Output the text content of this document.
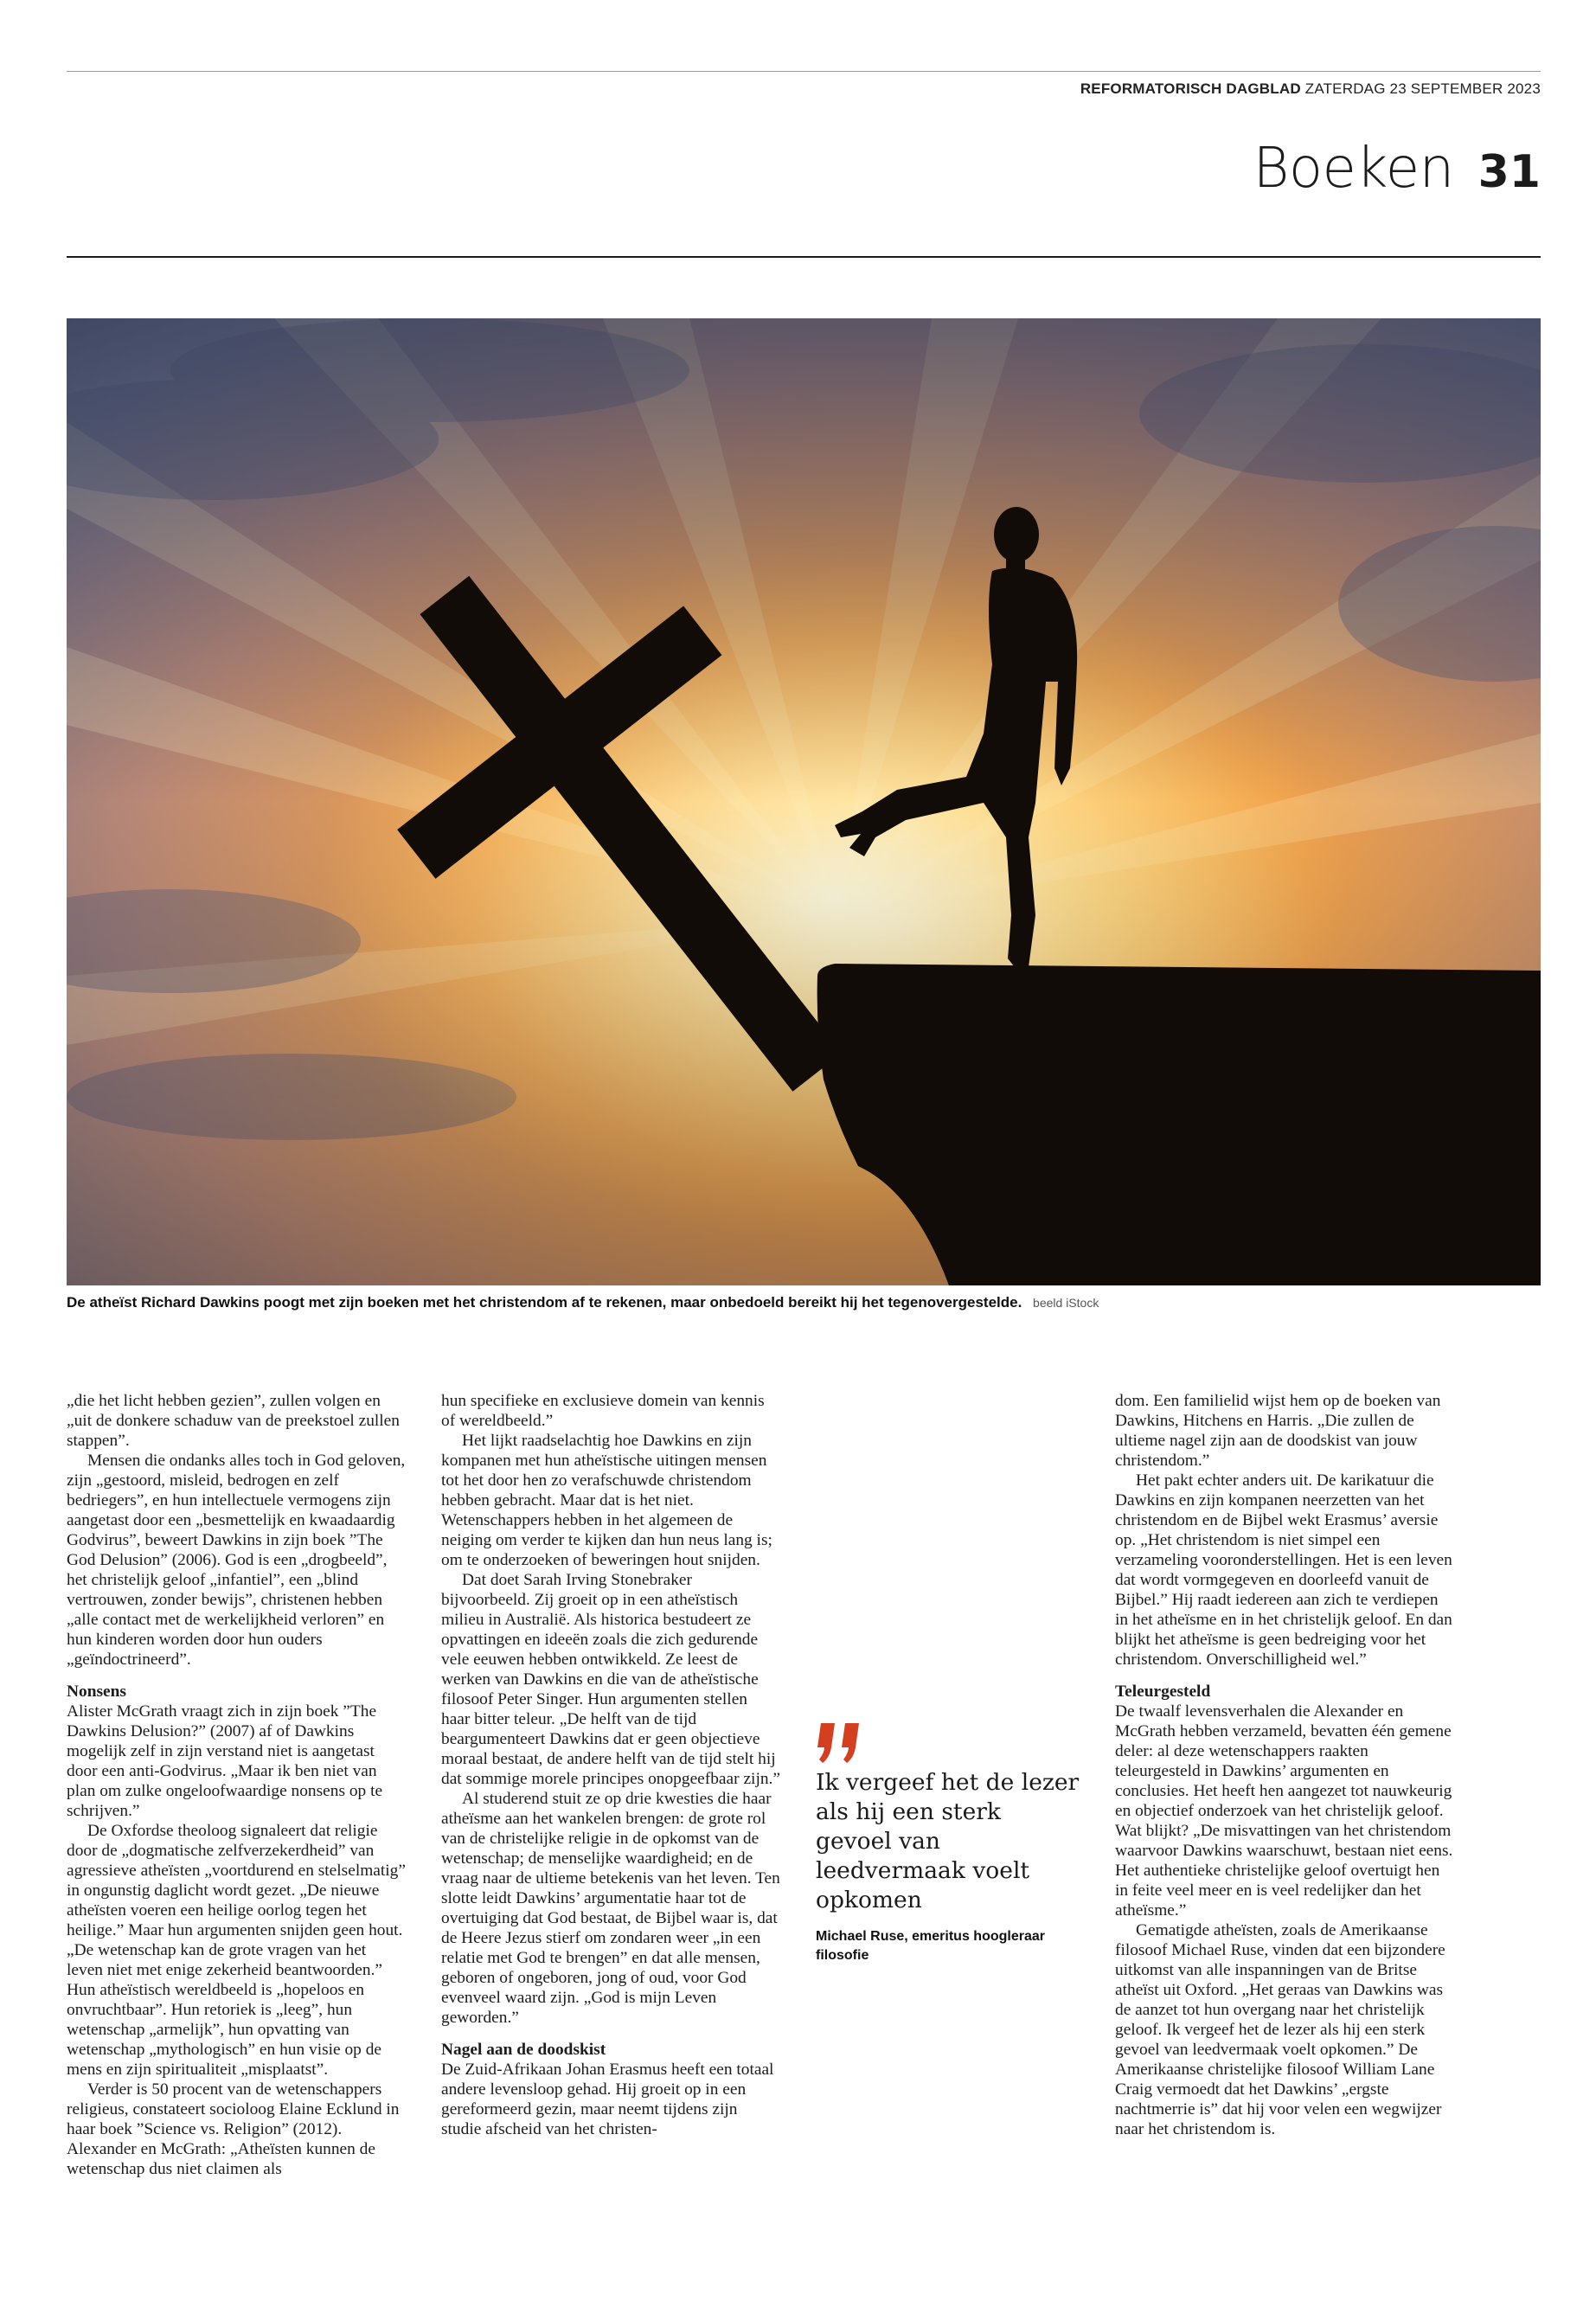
REFORMATORISCH DAGBLAD ZATERDAG 23 SEPTEMBER 2023
Boeken 31
De atheïst Richard Dawkins poogt met zijn boeken met het christendom af te rekenen, maar onbedoeld bereikt hij het tegenovergestelde. beeld iStock

„die het licht hebben gezien”, zullen volgen en „uit de donkere schaduw van de preekstoel zullen stappen”.

Mensen die ondanks alles toch in God geloven, zijn „gestoord, misleid, bedrogen en zelf bedriegers”, en hun intellectuele vermogens zijn aangetast door een „besmettelijk en kwaadaardig Godvirus”, beweert Dawkins in zijn boek ”The God Delusion” (2006). God is een „drogbeeld”, het christelijk geloof „infantiel”, een „blind vertrouwen, zonder bewijs”, christenen hebben „alle contact met de werkelijkheid verloren” en hun kinderen worden door hun ouders „geïndoctrineerd”.

Nonsens

Alister McGrath vraagt zich in zijn boek ”The Dawkins Delusion?” (2007) af of Dawkins mogelijk zelf in zijn verstand niet is aangetast door een anti-Godvirus. „Maar ik ben niet van plan om zulke ongeloofwaardige nonsens op te schrijven.”

De Oxfordse theoloog signaleert dat religie door de „dogmatische zelfverzekerdheid” van agressieve atheïsten „voortdurend en stelselmatig” in ongunstig daglicht wordt gezet. „De nieuwe atheïsten voeren een heilige oorlog tegen het heilige.” Maar hun argumenten snijden geen hout. „De wetenschap kan de grote vragen van het leven niet met enige zekerheid beantwoorden.” Hun atheïstisch wereldbeeld is „hopeloos en onvruchtbaar”. Hun retoriek is „leeg”, hun wetenschap „armelijk”, hun opvatting van wetenschap „mythologisch” en hun visie op de mens en zijn spiritualiteit „misplaatst”.

Verder is 50 procent van de wetenschappers religieus, constateert socioloog Elaine Ecklund in haar boek ”Science vs. Religion” (2012). Alexander en McGrath: „Atheïsten kunnen de wetenschap dus niet claimen als

hun specifieke en exclusieve domein van kennis of wereldbeeld.”

Het lijkt raadselachtig hoe Dawkins en zijn kompanen met hun atheïstische uitingen mensen tot het door hen zo verafschuwde christendom hebben gebracht. Maar dat is het niet. Wetenschappers hebben in het algemeen de neiging om verder te kijken dan hun neus lang is; om te onderzoeken of beweringen hout snijden.

Dat doet Sarah Irving Stonebraker bijvoorbeeld. Zij groeit op in een atheïstisch milieu in Australië. Als historica bestudeert ze opvattingen en ideeën zoals die zich gedurende vele eeuwen hebben ontwikkeld. Ze leest de werken van Dawkins en die van de atheïstische filosoof Peter Singer. Hun argumenten stellen haar bitter teleur. „De helft van de tijd beargumenteert Dawkins dat er geen objectieve moraal bestaat, de andere helft van de tijd stelt hij dat sommige morele principes onopgeefbaar zijn.”

Al studerend stuit ze op drie kwesties die haar atheïsme aan het wankelen brengen: de grote rol van de christelijke religie in de opkomst van de wetenschap; de menselijke waardigheid; en de vraag naar de ultieme betekenis van het leven. Ten slotte leidt Dawkins’ argumentatie haar tot de overtuiging dat God bestaat, de Bijbel waar is, dat de Heere Jezus stierf om zondaren weer „in een relatie met God te brengen” en dat alle mensen, geboren of ongeboren, jong of oud, voor God evenveel waard zijn. „God is mijn Leven geworden.”

Nagel aan de doodskist

De Zuid-Afrikaan Johan Erasmus heeft een totaal andere levensloop gehad. Hij groeit op in een gereformeerd gezin, maar neemt tijdens zijn studie afscheid van het christen-

Ik vergeef het de lezer als hij een sterk gevoel van leedvermaak voelt opkomen
Michael Ruse, emeritus hoogleraar filosofie

dom. Een familielid wijst hem op de boeken van Dawkins, Hitchens en Harris. „Die zullen de ultieme nagel zijn aan de doodskist van jouw christendom.”

Het pakt echter anders uit. De karikatuur die Dawkins en zijn kompanen neerzetten van het christendom en de Bijbel wekt Erasmus’ aversie op. „Het christendom is niet simpel een verzameling vooronderstellingen. Het is een leven dat wordt vormgegeven en doorleefd vanuit de Bijbel.” Hij raadt iedereen aan zich te verdiepen in het atheïsme en in het christelijk geloof. En dan blijkt het atheïsme is geen bedreiging voor het christendom. Onverschilligheid wel.”

Teleurgesteld

De twaalf levensverhalen die Alexander en McGrath hebben verzameld, bevatten één gemene deler: al deze wetenschappers raakten teleurgesteld in Dawkins’ argumenten en conclusies. Het heeft hen aangezet tot nauwkeurig en objectief onderzoek van het christelijk geloof. Wat blijkt? „De misvattingen van het christendom waarvoor Dawkins waarschuwt, bestaan niet eens. Het authentieke christelijke geloof overtuigt hen in feite veel meer en is veel redelijker dan het atheïsme.”

Gematigde atheïsten, zoals de Amerikaanse filosoof Michael Ruse, vinden dat een bijzondere uitkomst van alle inspanningen van de Britse atheïst uit Oxford. „Het geraas van Dawkins was de aanzet tot hun overgang naar het christelijk geloof. Ik vergeef het de lezer als hij een sterk gevoel van leedvermaak voelt opkomen.” De Amerikaanse christelijke filosoof William Lane Craig vermoedt dat het Dawkins’ „ergste nachtmerrie is” dat hij voor velen een wegwijzer naar het christendom is.
